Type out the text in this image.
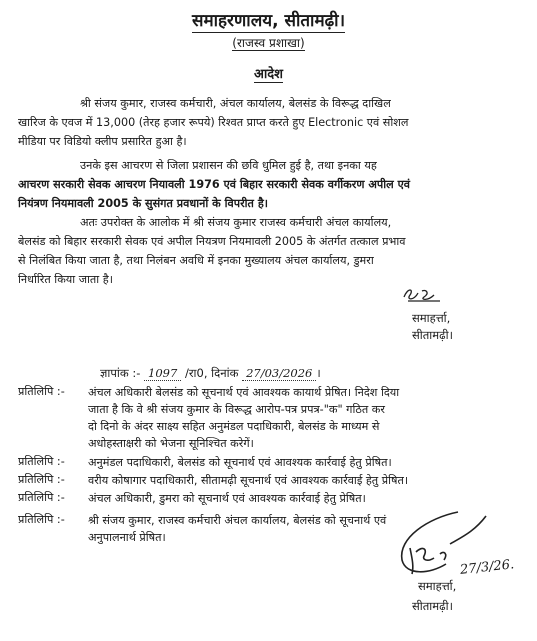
समाहरणालय, सीतामढ़ी।
(राजस्व प्रशाखा)
आदेश
श्री संजय कुमार, राजस्व कर्मचारी, अंचल कार्यालय, बेलसंड के विरूद्ध दाखिल
खारिज के एवज में 13,000 (तेरह हजार रूपये) रिश्वत प्राप्त करते हुए Electronic एवं सोशल
मीडिया पर विडियो क्लीप प्रसारित हुआ है।
उनके इस आचरण से जिला प्रशासन की छवि धुमिल हुई है, तथा इनका यह
आचरण सरकारी सेवक आचरण नियावली 1976 एवं बिहार सरकारी सेवक वर्गीकरण अपील एवं
नियंत्रण नियमावली 2005 के सुसंगत प्रवधानों के विपरीत है।
अतः उपरोक्त के आलोक में श्री संजय कुमार राजस्व कर्मचारी अंचल कार्यालय,
बेलसंड को बिहार सरकारी सेवक एवं अपील नियत्रण नियमावली 2005 के अंतर्गत तत्काल प्रभाव
से निलंबित किया जाता है, तथा निलंबन अवधि में इनका मुख्यालय अंचल कार्यालय, डुमरा
निर्धारित किया जाता है।
समाहर्त्ता,
सीतामढ़ी।
ज्ञापांक :- 1097 /रा0, दिनांक 27/03/2026 ।
प्रतिलिपि :-	अंचल अधिकारी बेलसंड को सूचनार्थ एवं आवश्यक कायार्थ प्रेषित। निदेश दिया
जाता है कि वे श्री संजय कुमार के विरूद्ध आरोप-पत्र प्रपत्र-"क" गठित कर
दो दिनो के अंदर साक्ष्य सहित अनुमंडल पदाधिकारी, बेलसंड के माध्यम से
अधोहस्ताक्षरी को भेजना सूनिश्चित करेगें।
प्रतिलिपि :-	अनुमंडल पदाधिकारी, बेलसंड को सूचनार्थ एवं आवश्यक कार्रवाई हेतु प्रेषित।
प्रतिलिपि :-	वरीय कोषागार पदाधिकारी, सीतामढ़ी सूचनार्थ एवं आवश्यक कार्रवाई हेतु प्रेषित।
प्रतिलिपि :-	अंचल अधिकारी, डुमरा को सूचनार्थ एवं आवश्यक कार्रवाई हेतु प्रेषित।
प्रतिलिपि :-	श्री संजय कुमार, राजस्व कर्मचारी अंचल कार्यालय, बेलसंड को सूचनार्थ एवं
अनुपालनार्थ प्रेषित।
27/3/26.
समाहर्त्ता,
सीतामढ़ी।
